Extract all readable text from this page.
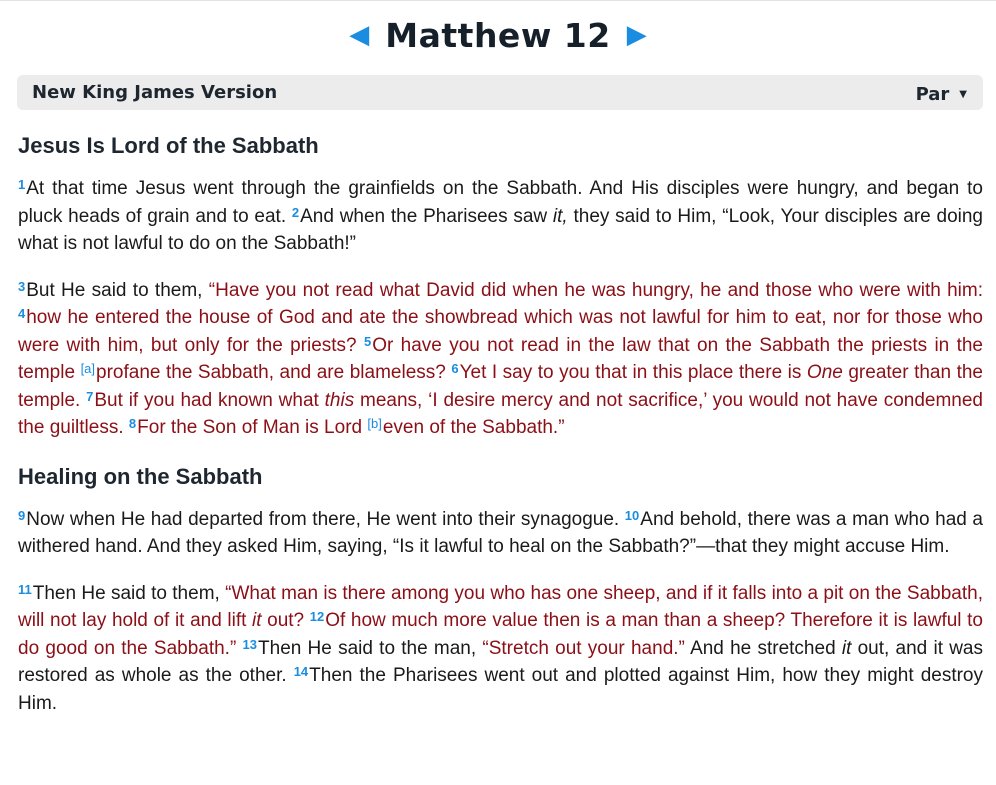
◀ Matthew 12 ▶
New King James Version	Par ▼
Jesus Is Lord of the Sabbath

$^1$At that time Jesus went through the grainfields on the Sabbath. And His disciples were hungry, and began to pluck heads of grain and to eat. $^2$And when the Pharisees saw it, they said to Him, “Look, Your disciples are doing what is not lawful to do on the Sabbath!”

$^3$But He said to them, “Have you not read what David did when he was hungry, he and those who were with him: $^4$how he entered the house of God and ate the showbread which was not lawful for him to eat, nor for those who were with him, but only for the priests? $^5$Or have you not read in the law that on the Sabbath the priests in the temple [a]profane the Sabbath, and are blameless? $^6$Yet I say to you that in this place there is One greater than the temple. $^7$But if you had known what this means, ‘I desire mercy and not sacrifice,’ you would not have condemned the guiltless. $^8$For the Son of Man is Lord [b]even of the Sabbath.”

Healing on the Sabbath

$^9$Now when He had departed from there, He went into their synagogue. $^{10}$And behold, there was a man who had a withered hand. And they asked Him, saying, “Is it lawful to heal on the Sabbath?”—that they might accuse Him.

$^{11}$Then He said to them, “What man is there among you who has one sheep, and if it falls into a pit on the Sabbath, will not lay hold of it and lift it out? $^{12}$Of how much more value then is a man than a sheep? Therefore it is lawful to do good on the Sabbath.” $^{13}$Then He said to the man, “Stretch out your hand.” And he stretched it out, and it was restored as whole as the other. $^{14}$Then the Pharisees went out and plotted against Him, how they might destroy Him.
